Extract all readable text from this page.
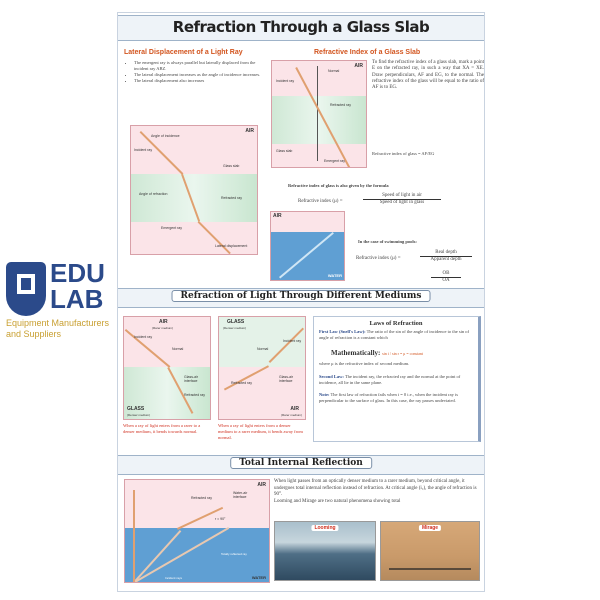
Refraction Through a Glass Slab
Lateral Displacement of a Light Ray
• The emergent ray is always parallel but laterally displaced from the incident ray ABZ.
• The lateral displacement increases as the angle of incidence increases.
• The lateral displacement also increases
AIR
Angle of incidence
Incident ray
Glass slab
Angle of refraction
Refracted ray
Emergent ray
Lateral displacement
Refractive Index of a Glass Slab
AIR
Normal
Incident ray
Refracted ray
Glass slab
Emergent ray
To find the refractive index of a glass slab, mark a point E on the refracted ray, in such a way that XA = XE. Draw perpendiculars, AF and EG, to the normal. The refractive index of the glass will be equal to the ratio of AF is to EG.
Refractive index of glass = AF/EG
Refractive index of glass is also given by the formula
Refractive index (μ) =
Speed of light in air
Speed of light in glass
AIR
WATER
In the case of swimming pools:
Refractive index (μ) =
Real depth
Apparent depth
OB
OA
Refraction of Light Through Different Mediums
AIR
(Rarer medium)
Incident ray
Normal
Glass-air interface
Refracted ray
GLASS
(Denser medium)
When a ray of light enters from a rarer to a denser medium, it bends towards normal.
GLASS
(Denser medium)
Incident ray
Normal
Glass-air interface
Refracted ray
AIR
(Rarer medium)
When a ray of light enters from a denser medium to a rarer medium, it bends away from normal.
Laws of Refraction
First Law (Snell's Law): The ratio of the sin of the angle of incidence to the sin of angle of refraction is a constant which
Mathematically: sin i / sin r = μ = constant
where μ is the refractive index of second medium.
Second Law: The incident ray, the refracted ray and the normal at the point of incidence, all lie in the same plane.
Note: The first law of refraction fails when i = 0 i.e., when the incident ray is perpendicular to the surface of glass. In this case, the ray passes undeviated.
Total Internal Reflection
AIR
WATER
Refracted ray
Water-air interface
r = 90°
Totally reflected ray
Incident rays
When light passes from an optically denser medium to a rarer medium, beyond critical angle, it undergoes total internal reflection instead of refraction. At critical angle (i꜀), the angle of refraction is 90°.
Looming and Mirage are two natural phenomena showing total
Looming	Mirage
EDU
LAB
Equipment Manufacturers and Suppliers
